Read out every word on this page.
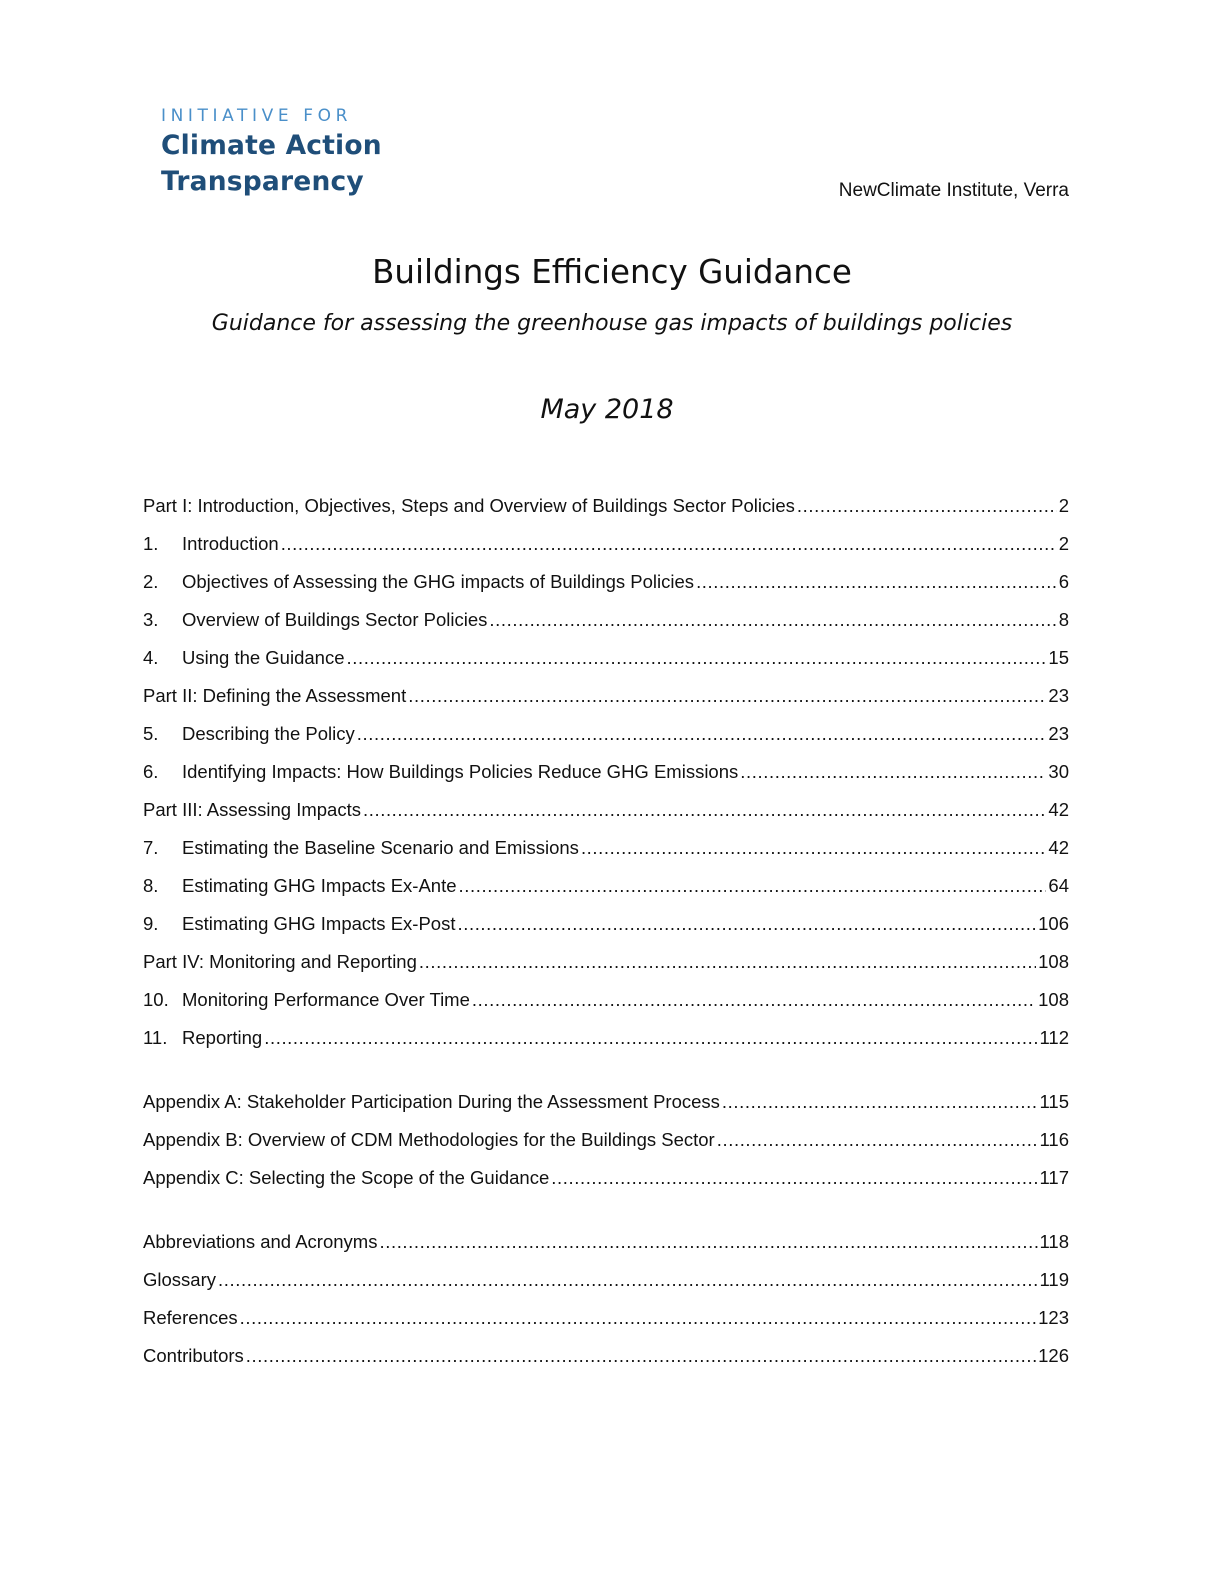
INITIATIVE FOR
Climate Action
Transparency	NewClimate Institute, Verra
Buildings Efficiency Guidance
Guidance for assessing the greenhouse gas impacts of buildings policies
May 2018
Part I: Introduction, Objectives, Steps and Overview of Buildings Sector Policies .....	2
1.	Introduction .....	2
2.	Objectives of Assessing the GHG impacts of Buildings Policies .....	6
3.	Overview of Buildings Sector Policies .....	8
4.	Using the Guidance .....	15
Part II: Defining the Assessment .....	23
5.	Describing the Policy .....	23
6.	Identifying Impacts: How Buildings Policies Reduce GHG Emissions .....	30
Part III: Assessing Impacts .....	42
7.	Estimating the Baseline Scenario and Emissions .....	42
8.	Estimating GHG Impacts Ex-Ante .....	64
9.	Estimating GHG Impacts Ex-Post .....	106
Part IV: Monitoring and Reporting .....	108
10. Monitoring Performance Over Time .....	108
11. Reporting .....	112
Appendix A: Stakeholder Participation During the Assessment Process .....	115
Appendix B: Overview of CDM Methodologies for the Buildings Sector .....	116
Appendix C: Selecting the Scope of the Guidance .....	117
Abbreviations and Acronyms .....	118
Glossary .....	119
References .....	123
Contributors .....	126
